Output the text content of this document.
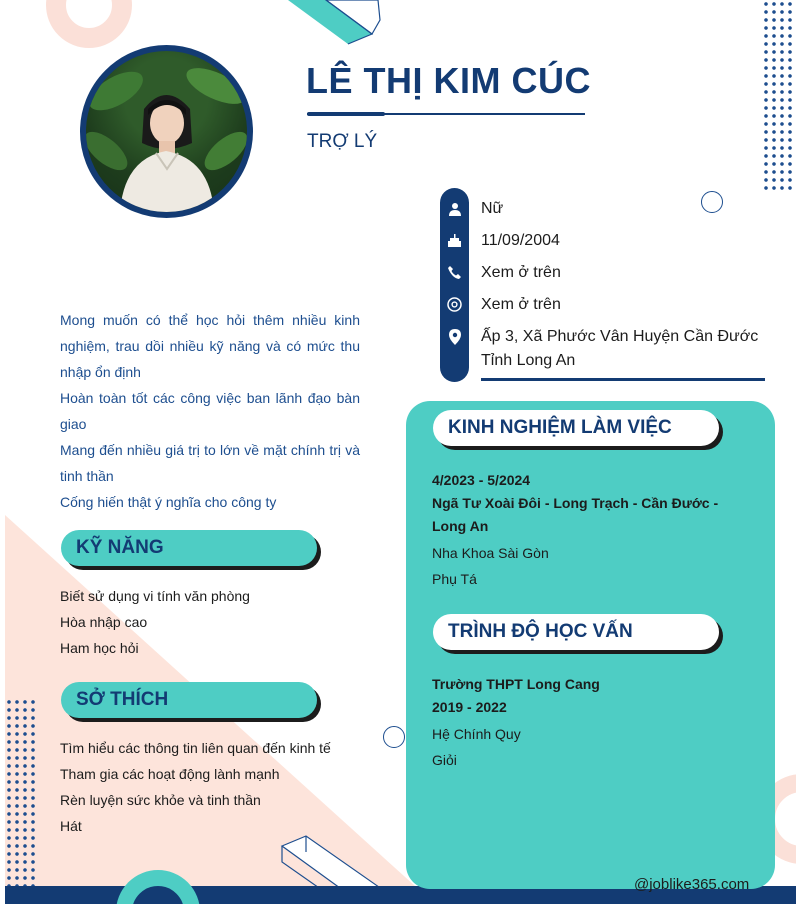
LÊ THỊ KIM CÚC
TRỢ LÝ
Nữ
11/09/2004
Xem ở trên
Xem ở trên
Ấp 3, Xã Phước Vân Huyện Cần Đước
Tỉnh Long An
Mong muốn có thể học hỏi thêm nhiều kinh nghiệm, trau dồi nhiều kỹ năng và có mức thu nhập ổn định
Hoàn toàn tốt các công việc ban lãnh đạo bàn giao
Mang đến nhiều giá trị to lớn về mặt chính trị và tinh thần
Cống hiến thật ý nghĩa cho công ty
KỸ NĂNG
Biết sử dụng vi tính văn phòng
Hòa nhập cao
Ham học hỏi
SỞ THÍCH
Tìm hiểu các thông tin liên quan đến kinh tế
Tham gia các hoạt động lành mạnh
Rèn luyện sức khỏe và tinh thần
Hát
KINH NGHIỆM LÀM VIỆC
4/2023 - 5/2024
Ngã Tư Xoài Đôi - Long Trạch - Cần Đước - Long An
Nha Khoa Sài Gòn
Phụ Tá
TRÌNH ĐỘ HỌC VẤN
Trường THPT Long Cang
2019 - 2022
Hệ Chính Quy
Giỏi
@joblike365.com
